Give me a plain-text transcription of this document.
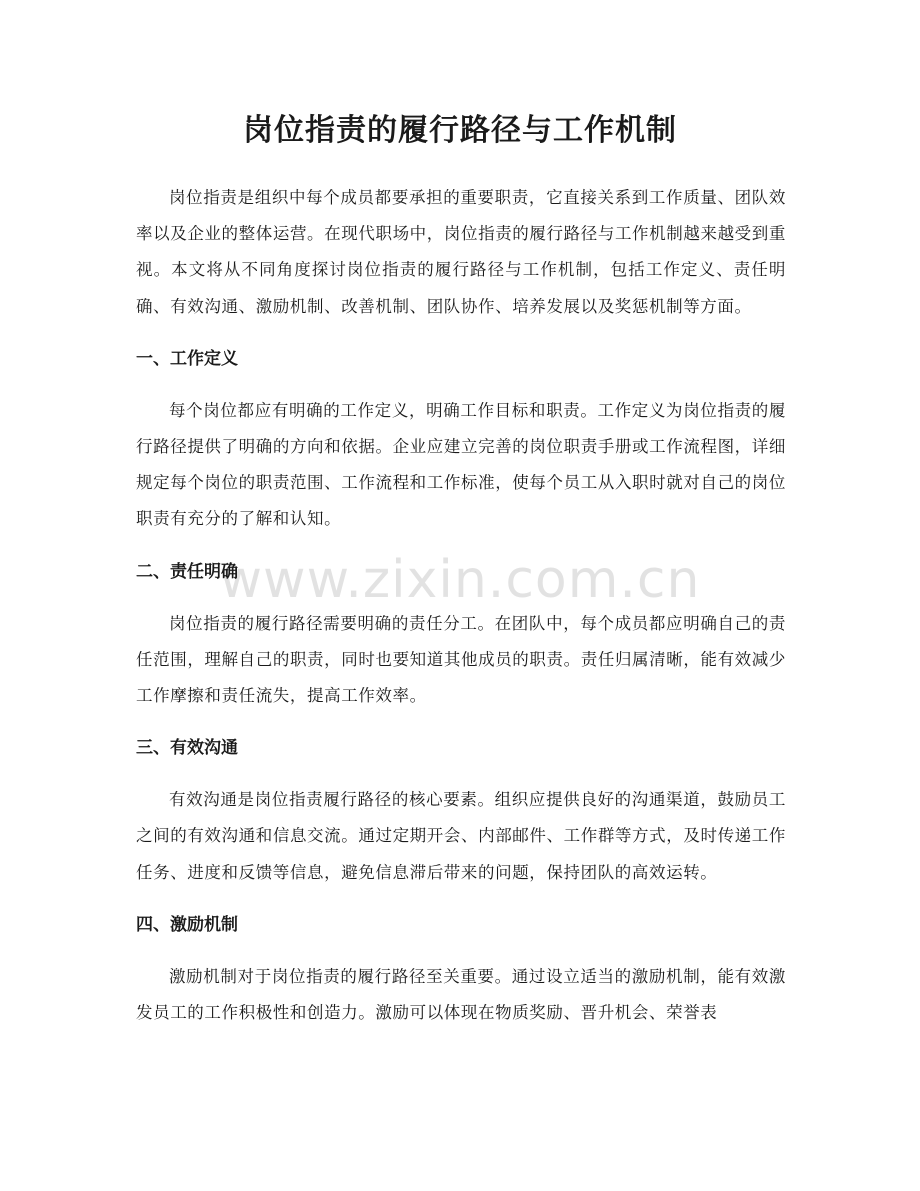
岗位指责的履行路径与工作机制
www.zixin.com.cn

岗位指责是组织中每个成员都要承担的重要职责，它直接关系到工作质量、团队效率以及企业的整体运营。在现代职场中，岗位指责的履行路径与工作机制越来越受到重视。本文将从不同角度探讨岗位指责的履行路径与工作机制，包括工作定义、责任明确、有效沟通、激励机制、改善机制、团队协作、培养发展以及奖惩机制等方面。

一、工作定义

每个岗位都应有明确的工作定义，明确工作目标和职责。工作定义为岗位指责的履行路径提供了明确的方向和依据。企业应建立完善的岗位职责手册或工作流程图，详细规定每个岗位的职责范围、工作流程和工作标准，使每个员工从入职时就对自己的岗位职责有充分的了解和认知。

二、责任明确

岗位指责的履行路径需要明确的责任分工。在团队中，每个成员都应明确自己的责任范围，理解自己的职责，同时也要知道其他成员的职责。责任归属清晰，能有效减少工作摩擦和责任流失，提高工作效率。

三、有效沟通

有效沟通是岗位指责履行路径的核心要素。组织应提供良好的沟通渠道，鼓励员工之间的有效沟通和信息交流。通过定期开会、内部邮件、工作群等方式，及时传递工作任务、进度和反馈等信息，避免信息滞后带来的问题，保持团队的高效运转。

四、激励机制

激励机制对于岗位指责的履行路径至关重要。通过设立适当的激励机制，能有效激发员工的工作积极性和创造力。激励可以体现在物质奖励、晋升机会、荣誉表
